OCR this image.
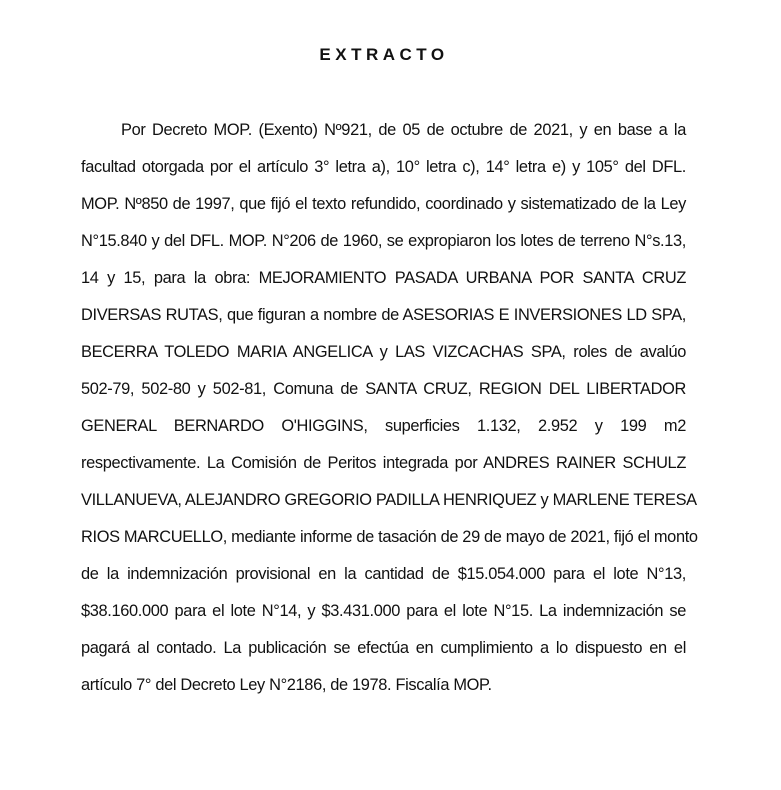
EXTRACTO
Por Decreto MOP. (Exento) Nº921, de 05 de octubre de 2021, y en base a la
facultad otorgada por el artículo 3° letra a), 10° letra c), 14° letra e) y 105° del DFL.
MOP. Nº850 de 1997, que fijó el texto refundido, coordinado y sistematizado de la Ley
N°15.840 y del DFL. MOP. N°206 de 1960, se expropiaron los lotes de terreno N°s.13,
14 y 15, para la obra: MEJORAMIENTO PASADA URBANA POR SANTA CRUZ
DIVERSAS RUTAS, que figuran a nombre de ASESORIAS E INVERSIONES LD SPA,
BECERRA TOLEDO MARIA ANGELICA y LAS VIZCACHAS SPA, roles de avalúo
502-79, 502-80 y 502-81, Comuna de SANTA CRUZ, REGION DEL LIBERTADOR
GENERAL BERNARDO O'HIGGINS, superficies 1.132, 2.952 y 199 m2
respectivamente. La Comisión de Peritos integrada por ANDRES RAINER SCHULZ
VILLANUEVA, ALEJANDRO GREGORIO PADILLA HENRIQUEZ y MARLENE TERESA
RIOS MARCUELLO, mediante informe de tasación de 29 de mayo de 2021, fijó el monto
de la indemnización provisional en la cantidad de $15.054.000 para el lote N°13,
$38.160.000 para el lote N°14, y $3.431.000 para el lote N°15. La indemnización se
pagará al contado. La publicación se efectúa en cumplimiento a lo dispuesto en el
artículo 7° del Decreto Ley N°2186, de 1978. Fiscalía MOP.
